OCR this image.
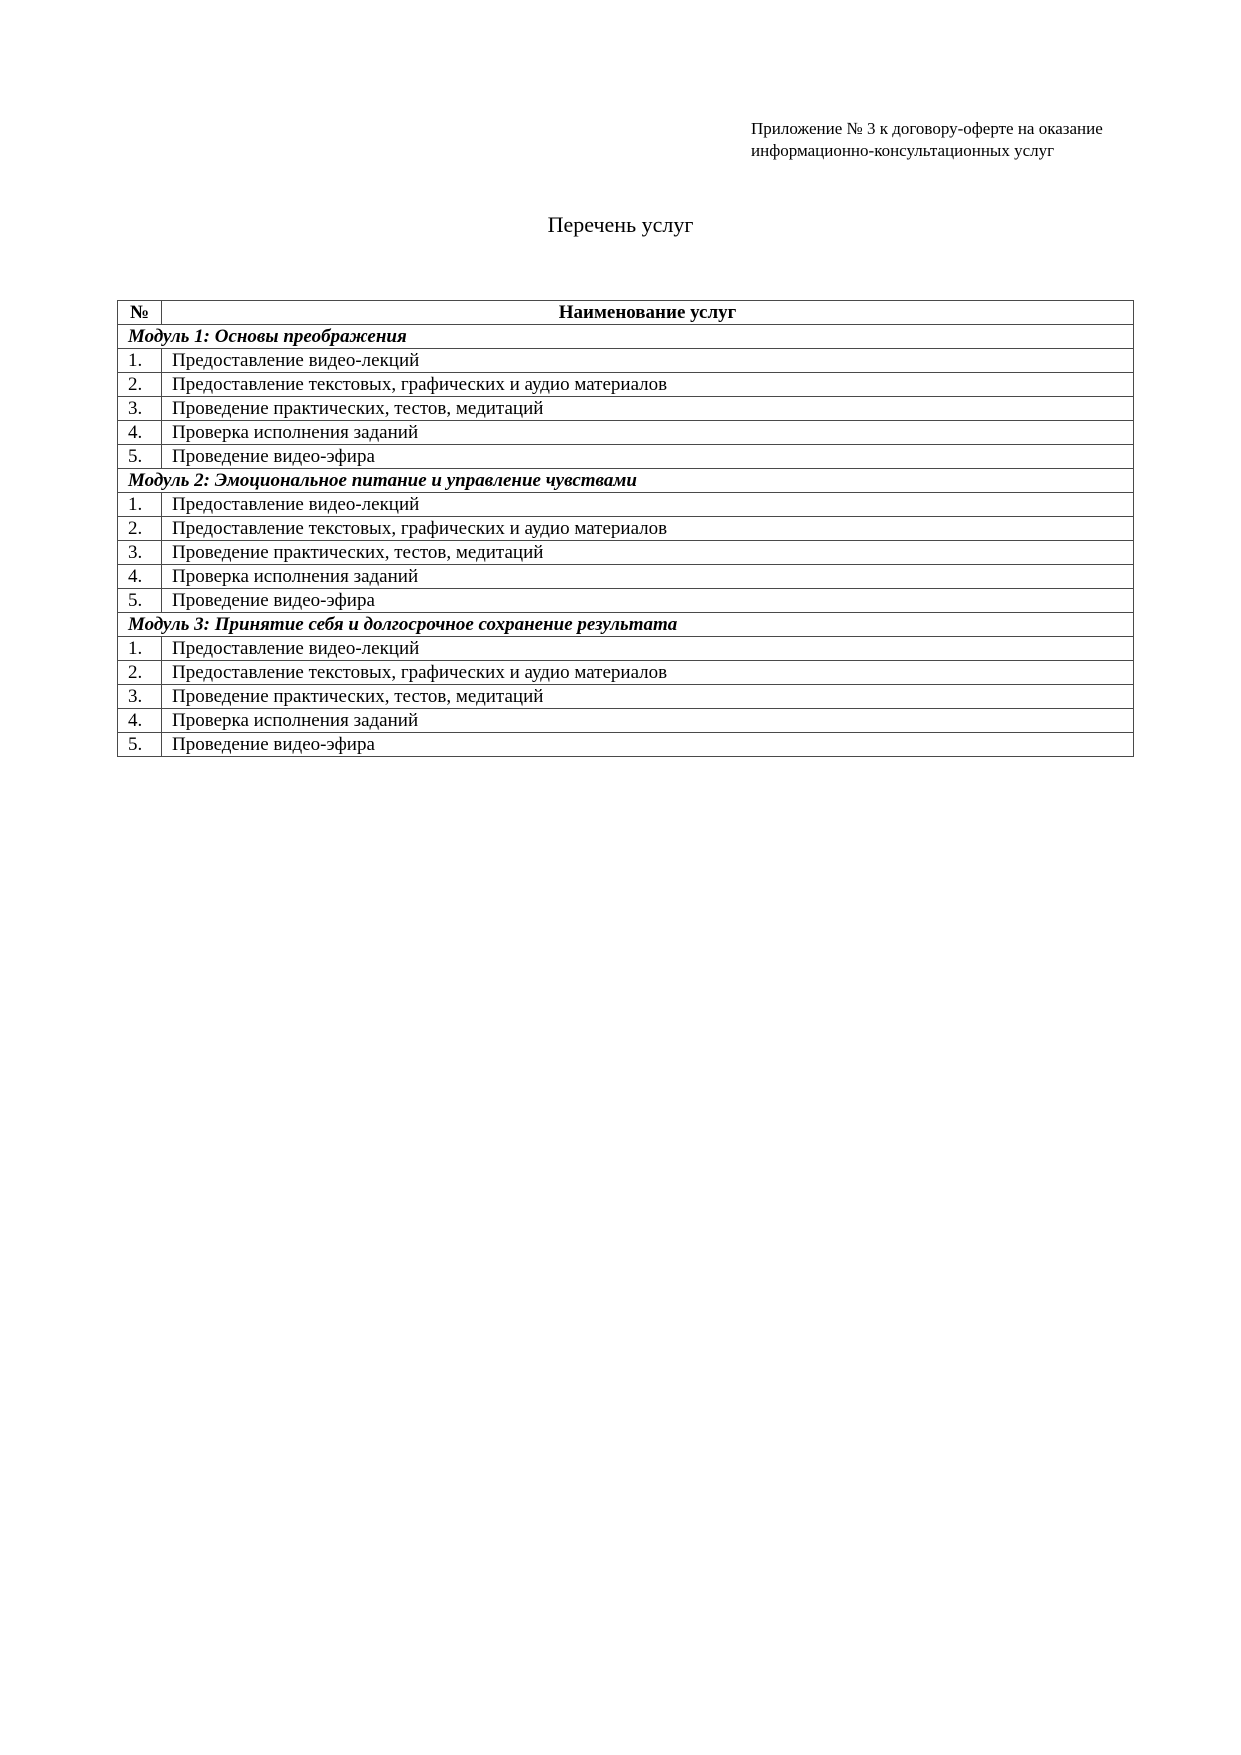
Приложение № 3 к договору-оферте на оказание
информационно-консультационных услуг
Перечень услуг
№	Наименование услуг
Модуль 1: Основы преображения	
1.	Предоставление видео-лекций
2.	Предоставление текстовых, графических и аудио материалов
3.	Проведение практических, тестов, медитаций
4.	Проверка исполнения заданий
5.	Проведение видео-эфира
Модуль 2: Эмоциональное питание и управление чувствами	
1.	Предоставление видео-лекций
2.	Предоставление текстовых, графических и аудио материалов
3.	Проведение практических, тестов, медитаций
4.	Проверка исполнения заданий
5.	Проведение видео-эфира
Модуль 3: Принятие себя и долгосрочное сохранение результата	
1.	Предоставление видео-лекций
2.	Предоставление текстовых, графических и аудио материалов
3.	Проведение практических, тестов, медитаций
4.	Проверка исполнения заданий
5.	Проведение видео-эфира
